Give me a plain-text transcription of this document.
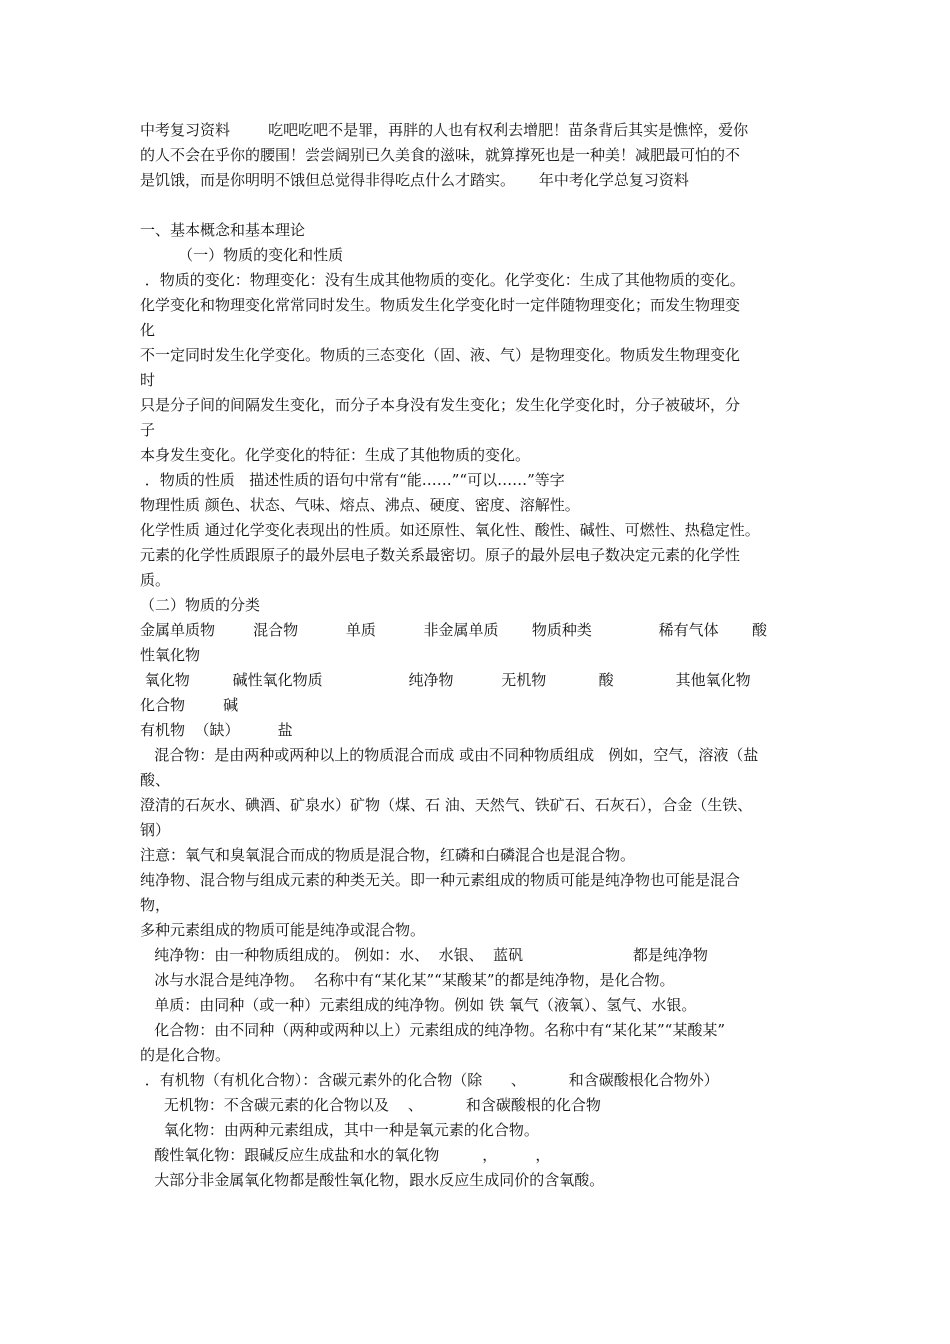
中考复习资料        吃吧吃吧不是罪，再胖的人也有权利去增肥！苗条背后其实是憔悴，爱你
的人不会在乎你的腰围！尝尝阔别已久美食的滋味，就算撑死也是一种美！减肥最可怕的不
是饥饿，而是你明明不饿但总觉得非得吃点什么才踏实。     年中考化学总复习资料
一、基本概念和基本理论
（一）物质的变化和性质
．物质的变化：物理变化：没有生成其他物质的变化。化学变化：生成了其他物质的变化。
化学变化和物理变化常常同时发生。物质发生化学变化时一定伴随物理变化；而发生物理变
化
不一定同时发生化学变化。物质的三态变化（固、液、气）是物理变化。物质发生物理变化
时
只是分子间的间隔发生变化，而分子本身没有发生变化；发生化学变化时，分子被破坏，分
子
本身发生变化。化学变化的特征：生成了其他物质的变化。
．物质的性质   描述性质的语句中常有“能……”“可以……”等字
物理性质 颜色、状态、气味、熔点、沸点、硬度、密度、溶解性。
化学性质 通过化学变化表现出的性质。如还原性、氧化性、酸性、碱性、可燃性、热稳定性。
元素的化学性质跟原子的最外层电子数关系最密切。原子的最外层电子数决定元素的化学性
质。
（二）物质的分类
金属单质物        混合物          单质          非金属单质       物质种类              稀有气体       酸
性氧化物
氧化物         碱性氧化物质                  纯净物          无机物           酸             其他氧化物
化合物        碱
有机物  （缺）        盐
混合物：是由两种或两种以上的物质混合而成 或由不同种物质组成   例如，空气，溶液（盐
酸、
澄清的石灰水、碘酒、矿泉水）矿物（煤、石 油、天然气、铁矿石、石灰石），合金（生铁、
钢）
注意：氧气和臭氧混合而成的物质是混合物，红磷和白磷混合也是混合物。
纯净物、混合物与组成元素的种类无关。即一种元素组成的物质可能是纯净物也可能是混合
物，
多种元素组成的物质可能是纯净或混合物。
纯净物：由一种物质组成的。 例如：水、  水银、  蓝矾                       都是纯净物
冰与水混合是纯净物。  名称中有“某化某”“某酸某”的都是纯净物，是化合物。
单质：由同种（或一种）元素组成的纯净物。例如 铁 氧气（液氧）、氢气、水银。
化合物：由不同种（两种或两种以上）元素组成的纯净物。名称中有“某化某”“某酸某”
的是化合物。
．有机物（有机化合物）：含碳元素外的化合物（除      、         和含碳酸根化合物外）
无机物：不含碳元素的化合物以及    、         和含碳酸根的化合物
氧化物：由两种元素组成，其中一种是氧元素的化合物。
酸性氧化物：跟碱反应生成盐和水的氧化物         ，        ，
大部分非金属氧化物都是酸性氧化物，跟水反应生成同价的含氧酸。
